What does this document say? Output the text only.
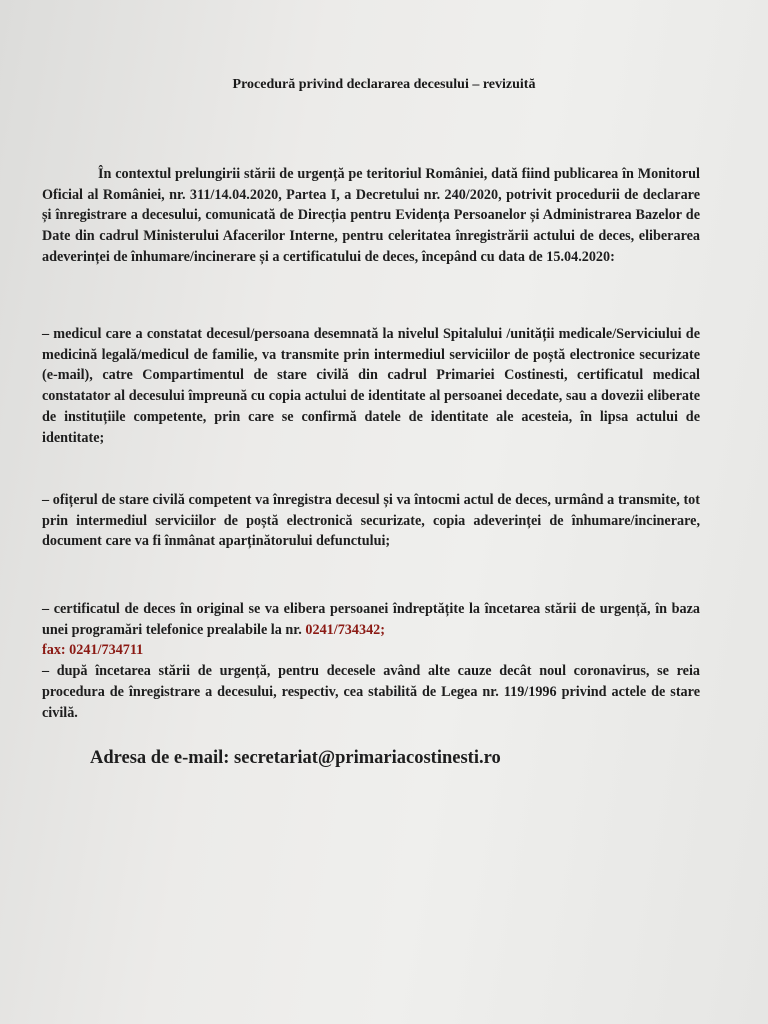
Procedură privind declararea decesului – revizuită
În contextul prelungirii stării de urgență pe teritoriul României, dată fiind publicarea în Monitorul Oficial al României, nr. 311/14.04.2020, Partea I, a Decretului nr. 240/2020, potrivit procedurii de declarare și înregistrare a decesului, comunicată de Direcția pentru Evidența Persoanelor și Administrarea Bazelor de Date din cadrul Ministerului Afacerilor Interne, pentru celeritatea înregistrării actului de deces, eliberarea adeverinței de înhumare/incinerare și a certificatului de deces, începând cu data de 15.04.2020:
– medicul care a constatat decesul/persoana desemnată la nivelul Spitalului /unității medicale/Serviciului de medicină legală/medicul de familie, va transmite prin intermediul serviciilor de poștă electronice securizate (e-mail), catre Compartimentul de stare civilă din cadrul Primariei Costinesti, certificatul medical constatator al decesului împreună cu copia actului de identitate al persoanei decedate, sau a dovezii eliberate de instituțiile competente, prin care se confirmă datele de identitate ale acesteia, în lipsa actului de identitate;
– ofițerul de stare civilă competent va înregistra decesul și va întocmi actul de deces, urmând a transmite, tot prin intermediul serviciilor de poștă electronică securizate, copia adeverinței de înhumare/incinerare, document care va fi înmânat aparținătorului defunctului;
– certificatul de deces în original se va elibera persoanei îndreptățite la încetarea stării de urgență, în baza unei programări telefonice prealabile la nr. 0241/734342;
fax: 0241/734711
– după încetarea stării de urgență, pentru decesele având alte cauze decât noul coronavirus, se reia procedura de înregistrare a decesului, respectiv, cea stabilită de Legea nr. 119/1996 privind actele de stare civilă.
Adresa de e-mail: secretariat@primariacostinesti.ro
